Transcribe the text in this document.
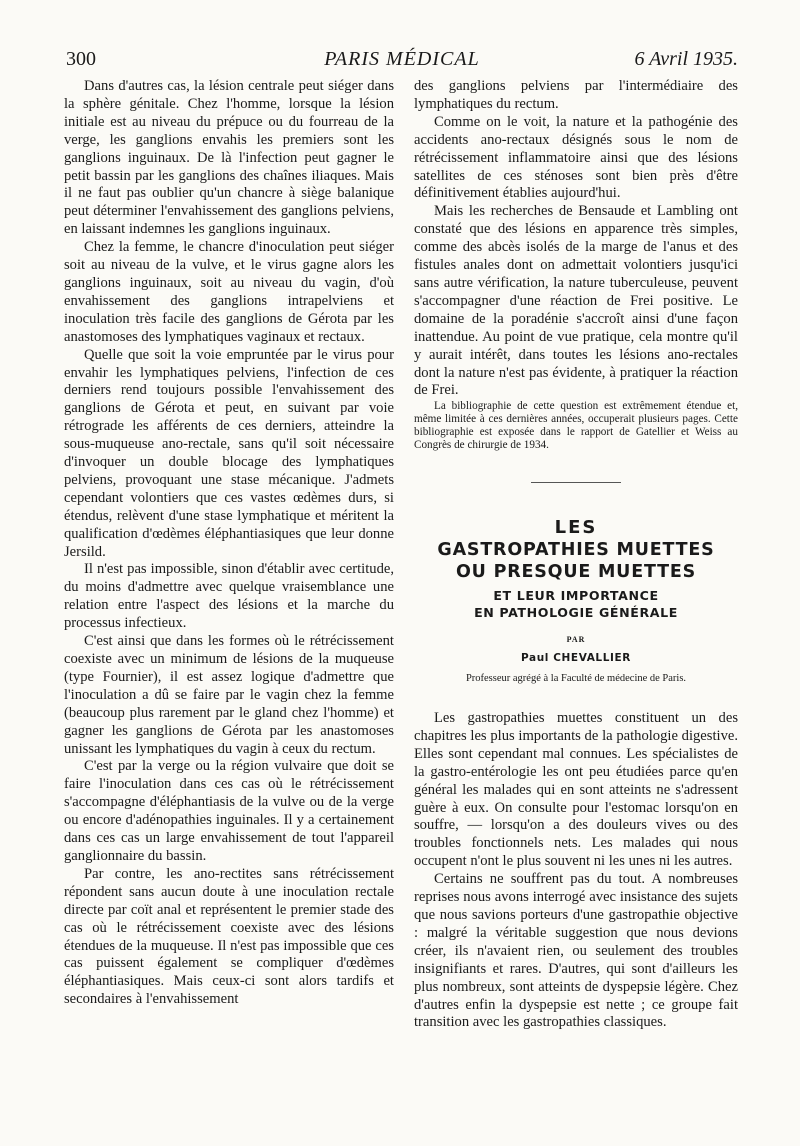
300	PARIS MÉDICAL	6 Avril 1935.

Dans d'autres cas, la lésion centrale peut siéger dans la sphère génitale. Chez l'homme, lorsque la lésion initiale est au niveau du prépuce ou du fourreau de la verge, les ganglions envahis les premiers sont les ganglions inguinaux. De là l'infection peut gagner le petit bassin par les ganglions des chaînes iliaques. Mais il ne faut pas oublier qu'un chancre à siège balanique peut déterminer l'envahissement des ganglions pelviens, en laissant indemnes les ganglions inguinaux.

Chez la femme, le chancre d'inoculation peut siéger soit au niveau de la vulve, et le virus gagne alors les ganglions inguinaux, soit au niveau du vagin, d'où envahissement des ganglions intrapelviens et inoculation très facile des ganglions de Gérota par les anastomoses des lymphatiques vaginaux et rectaux.

Quelle que soit la voie empruntée par le virus pour envahir les lymphatiques pelviens, l'infection de ces derniers rend toujours possible l'envahissement des ganglions de Gérota et peut, en suivant par voie rétrograde les afférents de ces derniers, atteindre la sous-muqueuse ano-rectale, sans qu'il soit nécessaire d'invoquer un double blocage des lymphatiques pelviens, provoquant une stase mécanique. J'admets cependant volontiers que ces vastes œdèmes durs, si étendus, relèvent d'une stase lymphatique et méritent la qualification d'œdèmes éléphantiasiques que leur donne Jersild.

Il n'est pas impossible, sinon d'établir avec certitude, du moins d'admettre avec quelque vraisemblance une relation entre l'aspect des lésions et la marche du processus infectieux.

C'est ainsi que dans les formes où le rétrécissement coexiste avec un minimum de lésions de la muqueuse (type Fournier), il est assez logique d'admettre que l'inoculation a dû se faire par le vagin chez la femme (beaucoup plus rarement par le gland chez l'homme) et gagner les ganglions de Gérota par les anastomoses unissant les lymphatiques du vagin à ceux du rectum.

C'est par la verge ou la région vulvaire que doit se faire l'inoculation dans ces cas où le rétrécissement s'accompagne d'éléphantiasis de la vulve ou de la verge ou encore d'adénopathies inguinales. Il y a certainement dans ces cas un large envahissement de tout l'appareil ganglionnaire du bassin.

Par contre, les ano-rectites sans rétrécissement répondent sans aucun doute à une inoculation rectale directe par coït anal et représentent le premier stade des cas où le rétrécissement coexiste avec des lésions étendues de la muqueuse. Il n'est pas impossible que ces cas puissent également se compliquer d'œdèmes éléphantiasiques. Mais ceux-ci sont alors tardifs et secondaires à l'envahissement

des ganglions pelviens par l'intermédiaire des lymphatiques du rectum.

Comme on le voit, la nature et la pathogénie des accidents ano-rectaux désignés sous le nom de rétrécissement inflammatoire ainsi que des lésions satellites de ces sténoses sont bien près d'être définitivement établies aujourd'hui.

Mais les recherches de Bensaude et Lambling ont constaté que des lésions en apparence très simples, comme des abcès isolés de la marge de l'anus et des fistules anales dont on admettait volontiers jusqu'ici sans autre vérification, la nature tuberculeuse, peuvent s'accompagner d'une réaction de Frei positive. Le domaine de la poradénie s'accroît ainsi d'une façon inattendue. Au point de vue pratique, cela montre qu'il y aurait intérêt, dans toutes les lésions ano-rectales dont la nature n'est pas évidente, à pratiquer la réaction de Frei.

La bibliographie de cette question est extrêmement étendue et, même limitée à ces dernières années, occuperait plusieurs pages. Cette bibliographie est exposée dans le rapport de Gatellier et Weiss au Congrès de chirurgie de 1934.

LES
GASTROPATHIES MUETTES
OU PRESQUE MUETTES
ET LEUR IMPORTANCE
EN PATHOLOGIE GÉNÉRALE
PAR
Paul CHEVALLIER
Professeur agrégé à la Faculté de médecine de Paris.

Les gastropathies muettes constituent un des chapitres les plus importants de la pathologie digestive. Elles sont cependant mal connues. Les spécialistes de la gastro-entérologie les ont peu étudiées parce qu'en général les malades qui en sont atteints ne s'adressent guère à eux. On consulte pour l'estomac lorsqu'on en souffre, — lorsqu'on a des douleurs vives ou des troubles fonctionnels nets. Les malades qui nous occupent n'ont le plus souvent ni les unes ni les autres.

Certains ne souffrent pas du tout. A nombreuses reprises nous avons interrogé avec insistance des sujets que nous savions porteurs d'une gastropathie objective : malgré la véritable suggestion que nous devions créer, ils n'avaient rien, ou seulement des troubles insignifiants et rares. D'autres, qui sont d'ailleurs les plus nombreux, sont atteints de dyspepsie légère. Chez d'autres enfin la dyspepsie est nette ; ce groupe fait transition avec les gastropathies classiques.
